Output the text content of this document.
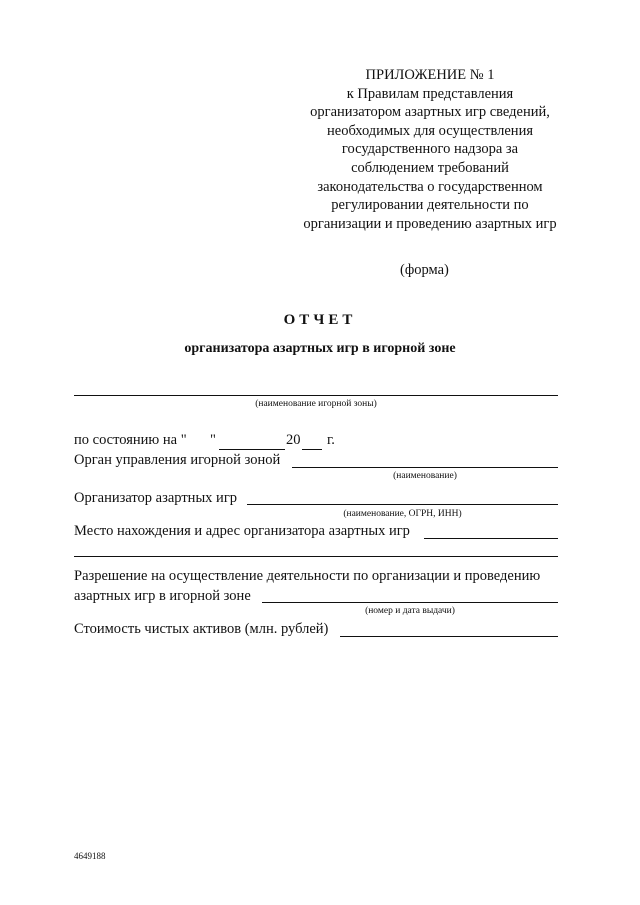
ПРИЛОЖЕНИЕ № 1
к Правилам представления
организатором азартных игр сведений,
необходимых для осуществления
государственного надзора за
соблюдением требований
законодательства о государственном
регулировании деятельности по
организации и проведению азартных игр
(форма)
ОТЧЕТ
организатора азартных игр в игорной зоне
(наименование игорной зоны)
по состоянию на " "	20 г.
Орган управления игорной зоной
(наименование)
Организатор азартных игр
(наименование, ОГРН, ИНН)
Место нахождения и адрес организатора азартных игр
Разрешение на осуществление деятельности по организации и проведению
азартных игр в игорной зоне
(номер и дата выдачи)
Стоимость чистых активов (млн. рублей)
4649188
